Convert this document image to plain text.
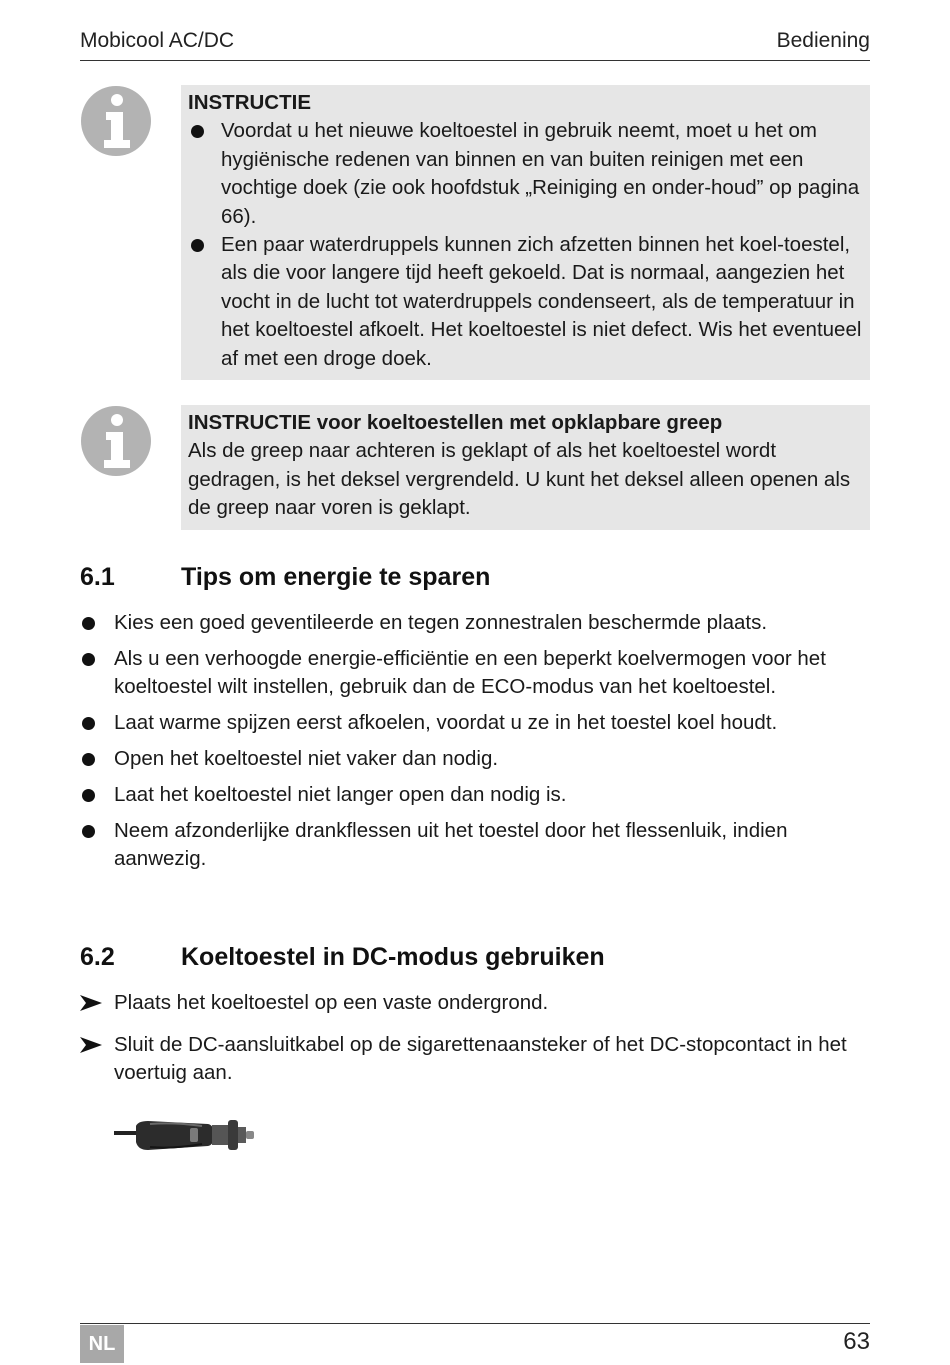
Mobicool AC/DC	Bediening
INSTRUCTIE
Voordat u het nieuwe koeltoestel in gebruik neemt, moet u het om hygiënische redenen van binnen en van buiten reinigen met een vochtige doek (zie ook hoofdstuk „Reiniging en onder-houd” op pagina 66).
Een paar waterdruppels kunnen zich afzetten binnen het koel-toestel, als die voor langere tijd heeft gekoeld. Dat is normaal, aangezien het vocht in de lucht tot waterdruppels condenseert, als de temperatuur in het koeltoestel afkoelt. Het koeltoestel is niet defect. Wis het eventueel af met een droge doek.
INSTRUCTIE voor koeltoestellen met opklapbare greep
Als de greep naar achteren is geklapt of als het koeltoestel wordt gedragen, is het deksel vergrendeld. U kunt het deksel alleen openen als de greep naar voren is geklapt.
6.1	Tips om energie te sparen
Kies een goed geventileerde en tegen zonnestralen beschermde plaats.
Als u een verhoogde energie-efficiëntie en een beperkt koelvermogen voor het koeltoestel wilt instellen, gebruik dan de ECO-modus van het koeltoestel.
Laat warme spijzen eerst afkoelen, voordat u ze in het toestel koel houdt.
Open het koeltoestel niet vaker dan nodig.
Laat het koeltoestel niet langer open dan nodig is.
Neem afzonderlijke drankflessen uit het toestel door het flessenluik, indien aanwezig.
6.2	Koeltoestel in DC-modus gebruiken
Plaats het koeltoestel op een vaste ondergrond.
Sluit de DC-aansluitkabel op de sigarettenaansteker of het DC-stopcontact in het voertuig aan.
NL	63
